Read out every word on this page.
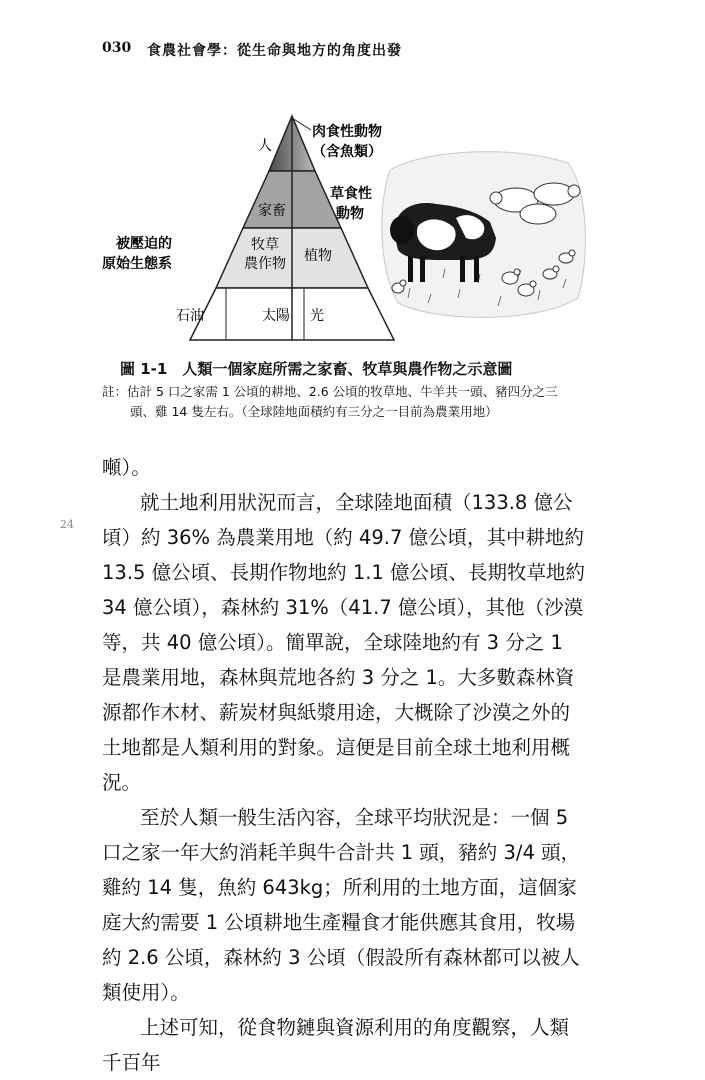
030 食農社會學：從生命與地方的角度出發
24
人
家畜
牧草
農作物 植物
石油	太陽 光
肉食性動物
（含魚類）
草食性
動物
被壓迫的
原始生態系
圖 1-1　人類一個家庭所需之家畜、牧草與農作物之示意圖

註：估計 5 口之家需 1 公頃的耕地、2.6 公頃的牧草地、牛羊共一頭、豬四分之三

頭、雞 14 隻左右。（全球陸地面積約有三分之一目前為農業用地）

噸）。

就土地利用狀況而言，全球陸地面積（133.8 億公頃）約 36% 為農業用地（約 49.7 億公頃，其中耕地約 13.5 億公頃、長期作物地約 1.1 億公頃、長期牧草地約 34 億公頃），森林約 31%（41.7 億公頃），其他（沙漠等，共 40 億公頃）。簡單說，全球陸地約有 3 分之 1 是農業用地，森林與荒地各約 3 分之 1。大多數森林資源都作木材、薪炭材與紙漿用途，大概除了沙漠之外的土地都是人類利用的對象。這便是目前全球土地利用概況。

至於人類一般生活內容，全球平均狀況是：一個 5 口之家一年大約消耗羊與牛合計共 1 頭，豬約 3/4 頭，雞約 14 隻，魚約 643kg；所利用的土地方面，這個家庭大約需要 1 公頃耕地生產糧食才能供應其食用，牧場約 2.6 公頃，森林約 3 公頃（假設所有森林都可以被人類使用）。

上述可知，從食物鏈與資源利用的角度觀察，人類千百年
